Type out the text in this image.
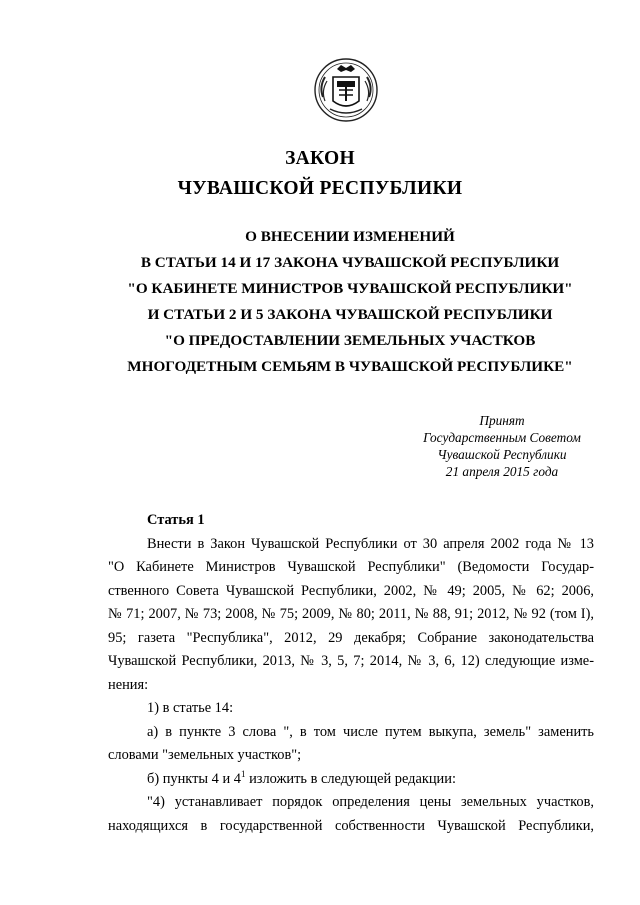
ЗАКОН
ЧУВАШСКОЙ РЕСПУБЛИКИ
О ВНЕСЕНИИ ИЗМЕНЕНИЙ
В СТАТЬИ 14 И 17 ЗАКОНА ЧУВАШСКОЙ РЕСПУБЛИКИ
"О КАБИНЕТЕ МИНИСТРОВ ЧУВАШСКОЙ РЕСПУБЛИКИ"
И СТАТЬИ 2 И 5 ЗАКОНА ЧУВАШСКОЙ РЕСПУБЛИКИ
"О ПРЕДОСТАВЛЕНИИ ЗЕМЕЛЬНЫХ УЧАСТКОВ
МНОГОДЕТНЫМ СЕМЬЯМ В ЧУВАШСКОЙ РЕСПУБЛИКЕ"
Принят
Государственным Советом
Чувашской Республики
21 апреля 2015 года
Статья 1
Внести в Закон Чувашской Республики от 30 апреля 2002 года № 13
"О Кабинете Министров Чувашской Республики" (Ведомости Государ-
ственного Совета Чувашской Республики, 2002, № 49; 2005, № 62; 2006,
№ 71; 2007, № 73; 2008, № 75; 2009, № 80; 2011, № 88, 91; 2012, № 92 (том I),
95; газета "Республика", 2012, 29 декабря; Собрание законодательства
Чувашской Республики, 2013, № 3, 5, 7; 2014, № 3, 6, 12) следующие изме-
нения:
1) в статье 14:
а) в пункте 3 слова ", в том числе путем выкупа, земель" заменить
словами "земельных участков";
б) пункты 4 и $4^1$ изложить в следующей редакции:
"4) устанавливает порядок определения цены земельных участков,
находящихся в государственной собственности Чувашской Республики,
